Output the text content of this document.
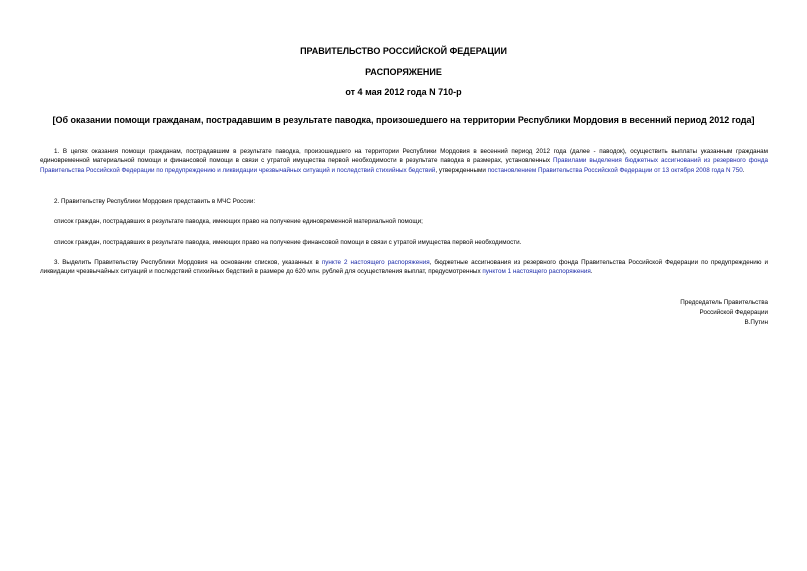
ПРАВИТЕЛЬСТВО РОССИЙСКОЙ ФЕДЕРАЦИИ
РАСПОРЯЖЕНИЕ
от 4 мая 2012 года N 710-р
[Об оказании помощи гражданам, пострадавшим в результате паводка, произошедшего на территории Республики Мордовия в весенний период 2012 года]
1. В целях оказания помощи гражданам, пострадавшим в результате паводка, произошедшего на территории Республики Мордовия в весенний период 2012 года (далее - паводок), осуществить выплаты указанным гражданам единовременной материальной помощи и финансовой помощи в связи с утратой имущества первой необходимости в результате паводка в размерах, установленных Правилами выделения бюджетных ассигнований из резервного фонда Правительства Российской Федерации по предупреждению и ликвидации чрезвычайных ситуаций и последствий стихийных бедствий, утвержденными постановлением Правительства Российской Федерации от 13 октября 2008 года N 750.
2. Правительству Республики Мордовия представить в МЧС России:
список граждан, пострадавших в результате паводка, имеющих право на получение единовременной материальной помощи;
список граждан, пострадавших в результате паводка, имеющих право на получение финансовой помощи в связи с утратой имущества первой необходимости.
3. Выделить Правительству Республики Мордовия на основании списков, указанных в пункте 2 настоящего распоряжения, бюджетные ассигнования из резервного фонда Правительства Российской Федерации по предупреждению и ликвидации чрезвычайных ситуаций и последствий стихийных бедствий в размере до 620 млн. рублей для осуществления выплат, предусмотренных пунктом 1 настоящего распоряжения.
Председатель Правительства
Российской Федерации
В.Путин
